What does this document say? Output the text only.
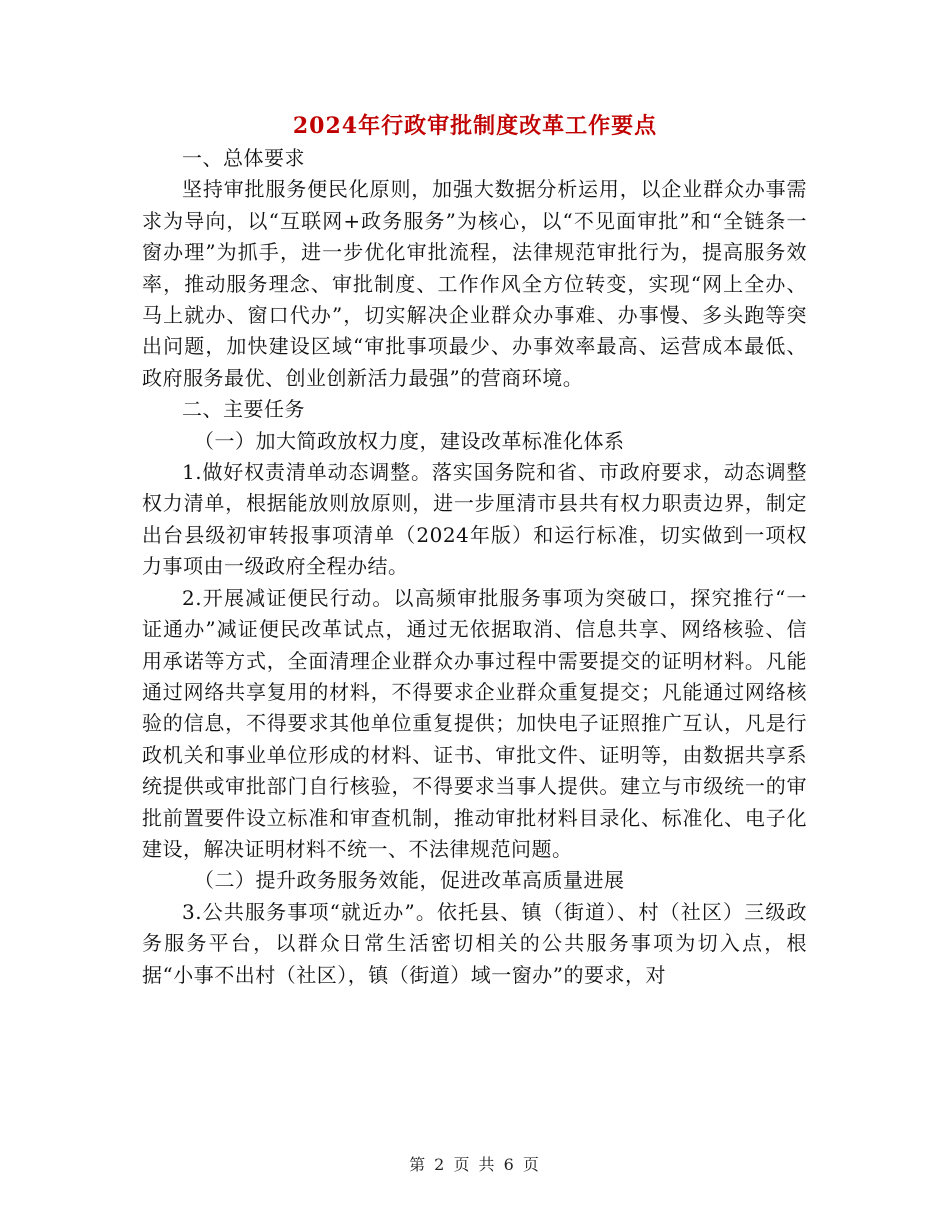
2024年行政审批制度改革工作要点

一、总体要求

坚持审批服务便民化原则，加强大数据分析运用，以企业群众办事需求为导向，以“互联网+政务服务”为核心，以“不见面审批”和“全链条一窗办理”为抓手，进一步优化审批流程，法律规范审批行为，提高服务效率，推动服务理念、审批制度、工作作风全方位转变，实现“网上全办、马上就办、窗口代办”，切实解决企业群众办事难、办事慢、多头跑等突出问题，加快建设区域“审批事项最少、办事效率最高、运营成本最低、政府服务最优、创业创新活力最强”的营商环境。

二、主要任务

（一）加大简政放权力度，建设改革标准化体系

1.做好权责清单动态调整。落实国务院和省、市政府要求，动态调整权力清单，根据能放则放原则，进一步厘清市县共有权力职责边界，制定出台县级初审转报事项清单（2024年版）和运行标准，切实做到一项权力事项由一级政府全程办结。

2.开展减证便民行动。以高频审批服务事项为突破口，探究推行“一证通办”减证便民改革试点，通过无依据取消、信息共享、网络核验、信用承诺等方式，全面清理企业群众办事过程中需要提交的证明材料。凡能通过网络共享复用的材料，不得要求企业群众重复提交；凡能通过网络核验的信息，不得要求其他单位重复提供；加快电子证照推广互认，凡是行政机关和事业单位形成的材料、证书、审批文件、证明等，由数据共享系统提供或审批部门自行核验，不得要求当事人提供。建立与市级统一的审批前置要件设立标准和审查机制，推动审批材料目录化、标准化、电子化建设，解决证明材料不统一、不法律规范问题。

（二）提升政务服务效能，促进改革高质量进展

3.公共服务事项“就近办”。依托县、镇（街道）、村（社区）三级政务服务平台，以群众日常生活密切相关的公共服务事项为切入点，根据“小事不出村（社区），镇（街道）域一窗办”的要求，对

第 2 页 共 6 页
